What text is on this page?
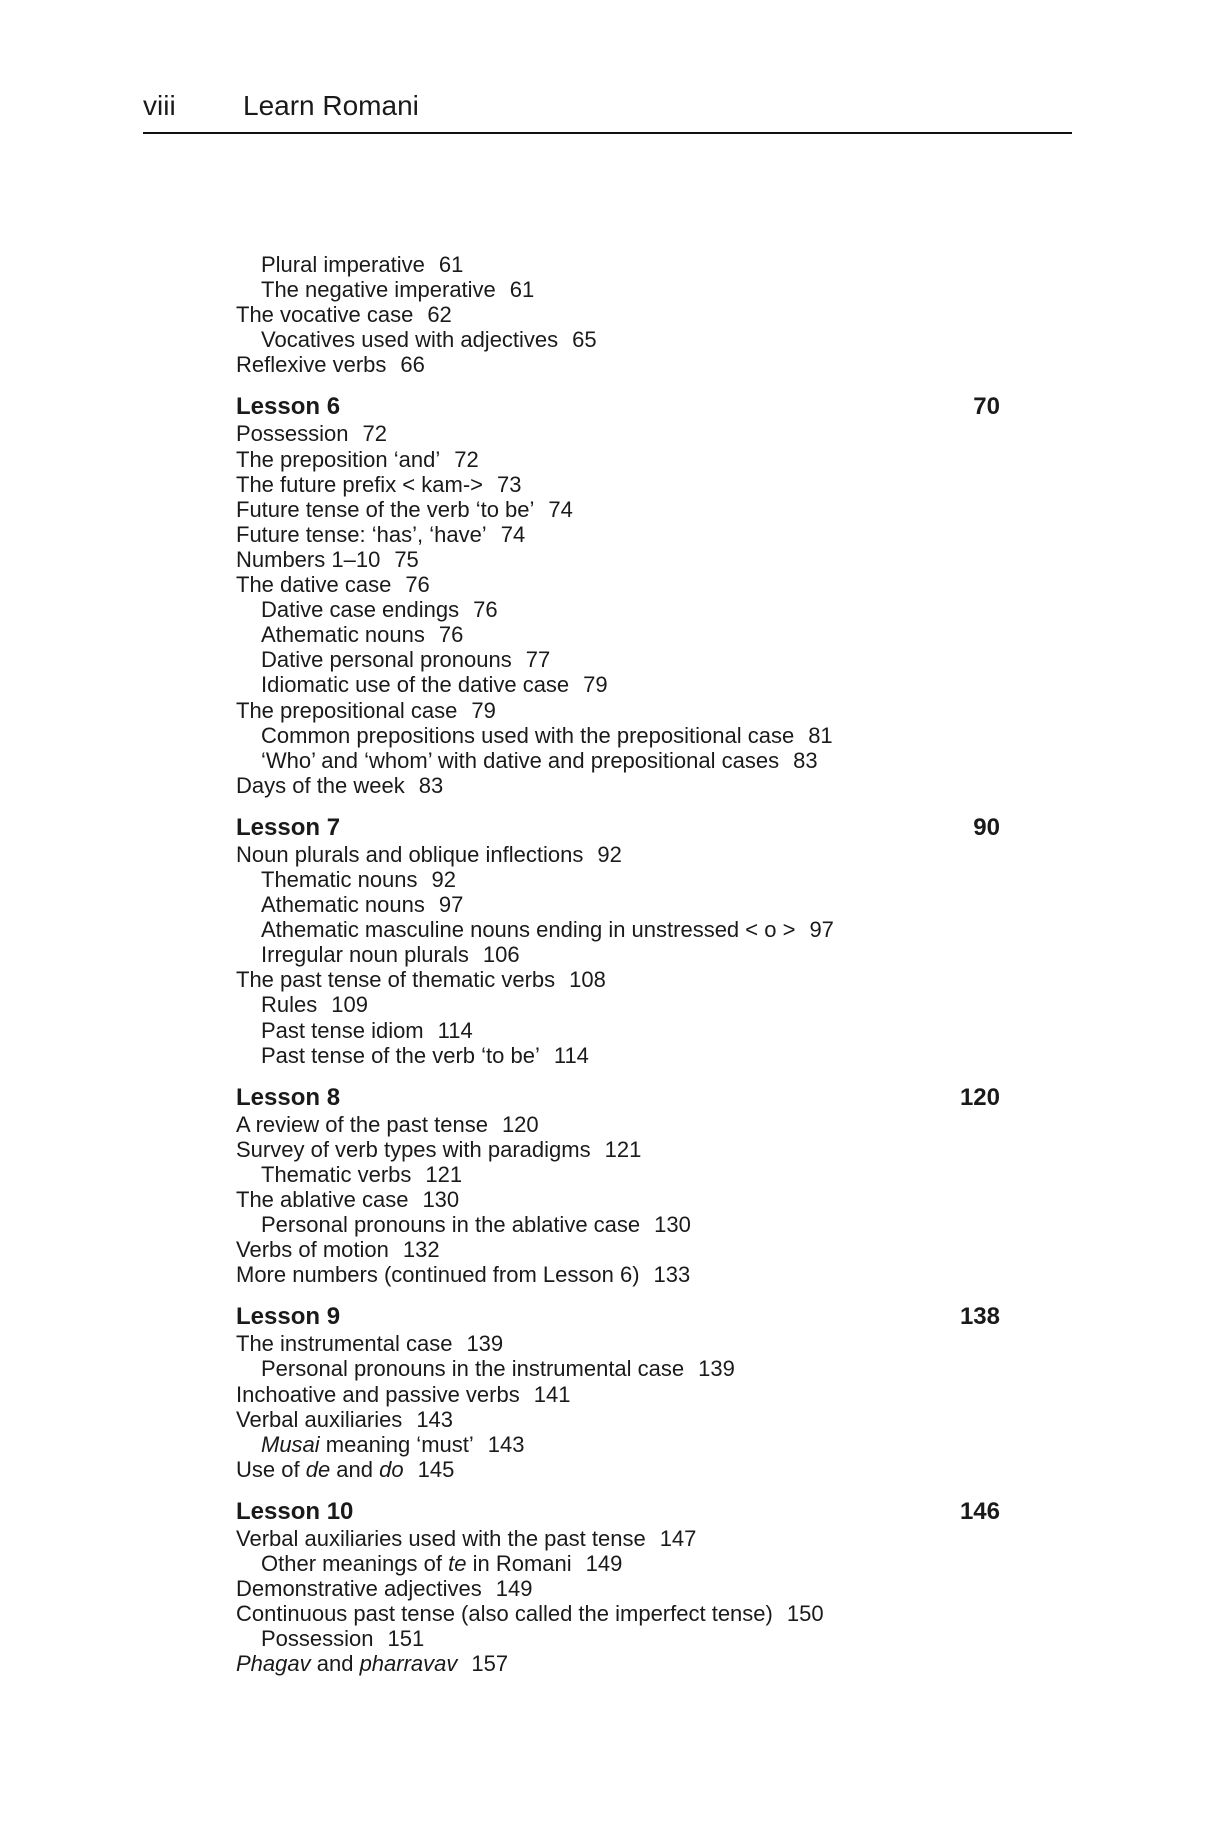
viii Learn Romani
Plural imperative 61
The negative imperative 61
The vocative case 62
Vocatives used with adjectives 65
Reflexive verbs 66
Lesson 6	70
Possession 72
The preposition ‘and’ 72
The future prefix < kam-> 73
Future tense of the verb ‘to be’ 74
Future tense: ‘has’, ‘have’ 74
Numbers 1–10 75
The dative case 76
Dative case endings 76
Athematic nouns 76
Dative personal pronouns 77
Idiomatic use of the dative case 79
The prepositional case 79
Common prepositions used with the prepositional case 81
‘Who’ and ‘whom’ with dative and prepositional cases 83
Days of the week 83
Lesson 7	90
Noun plurals and oblique inflections 92
Thematic nouns 92
Athematic nouns 97
Athematic masculine nouns ending in unstressed < o > 97
Irregular noun plurals 106
The past tense of thematic verbs 108
Rules 109
Past tense idiom 114
Past tense of the verb ‘to be’ 114
Lesson 8	120
A review of the past tense 120
Survey of verb types with paradigms 121
Thematic verbs 121
The ablative case 130
Personal pronouns in the ablative case 130
Verbs of motion 132
More numbers (continued from Lesson 6) 133
Lesson 9	138
The instrumental case 139
Personal pronouns in the instrumental case 139
Inchoative and passive verbs 141
Verbal auxiliaries 143
Musai meaning ‘must’ 143
Use of de and do 145
Lesson 10	146
Verbal auxiliaries used with the past tense 147
Other meanings of te in Romani 149
Demonstrative adjectives 149
Continuous past tense (also called the imperfect tense) 150
Possession 151
Phagav and pharravav 157
